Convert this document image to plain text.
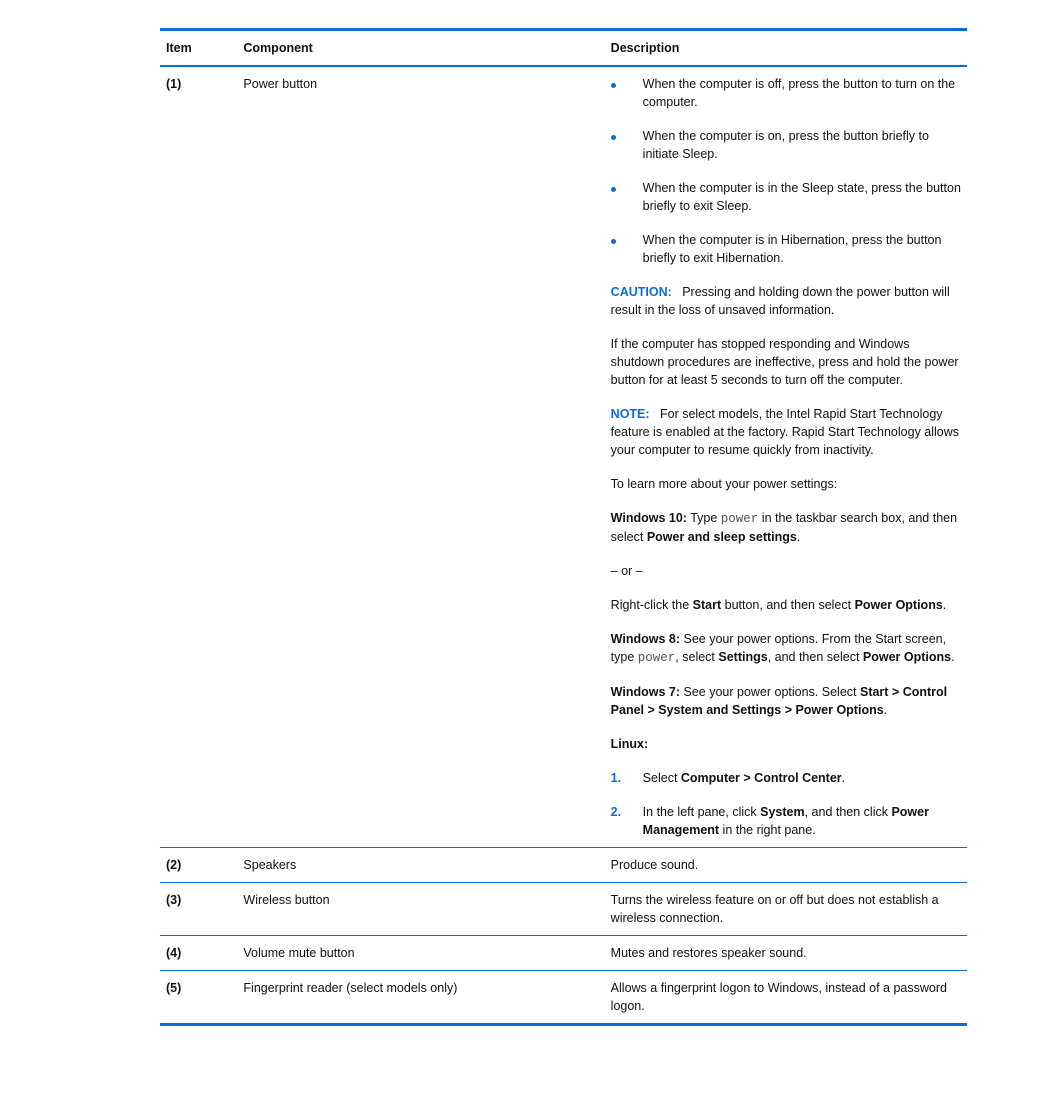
Item	Component	Description
(1)	Power button	When the computer is off, press the button to turn on the computer.
When the computer is on, press the button briefly to initiate Sleep.
When the computer is in the Sleep state, press the button briefly to exit Sleep.
When the computer is in Hibernation, press the button briefly to exit Hibernation.

CAUTION: Pressing and holding down the power button will result in the loss of unsaved information.

If the computer has stopped responding and Windows shutdown procedures are ineffective, press and hold the power button for at least 5 seconds to turn off the computer.

NOTE: For select models, the Intel Rapid Start Technology feature is enabled at the factory. Rapid Start Technology allows your computer to resume quickly from inactivity.

To learn more about your power settings:

Windows 10: Type power in the taskbar search box, and then select Power and sleep settings.

– or –

Right-click the Start button, and then select Power Options.

Windows 8: See your power options. From the Start screen, type power, select Settings, and then select Power Options.

Windows 7: See your power options. Select Start > Control Panel > System and Settings > Power Options.

Linux:

1.	Select Computer > Control Center.
2.	In the left pane, click System, and then click Power Management in the right pane.
(2)	Speakers	Produce sound.
(3)	Wireless button	Turns the wireless feature on or off but does not establish a wireless connection.
(4)	Volume mute button	Mutes and restores speaker sound.
(5)	Fingerprint reader (select models only)	Allows a fingerprint logon to Windows, instead of a password logon.
